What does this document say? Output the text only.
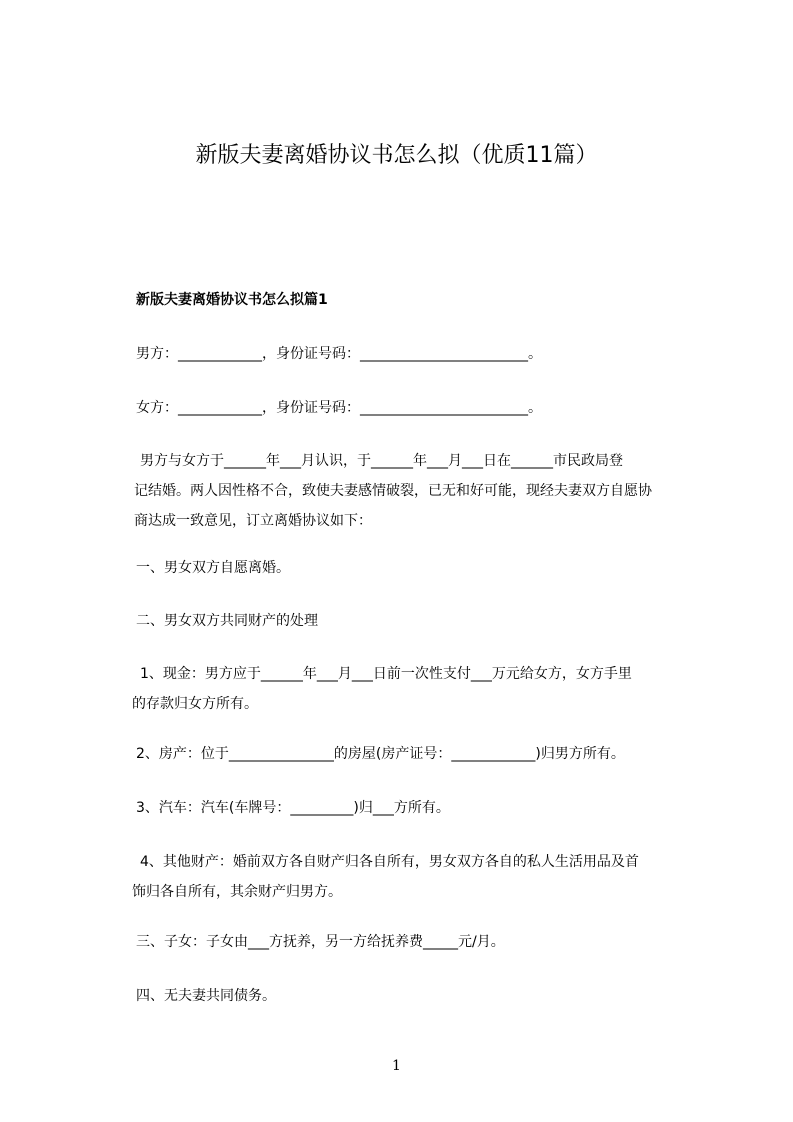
新版夫妻离婚协议书怎么拟（优质11篇）
新版夫妻离婚协议书怎么拟篇1
男方：____________，身份证号码：________________________。
女方：____________，身份证号码：________________________。
男方与女方于______年___月认识，于______年___月___日在______市民政局登
记结婚。两人因性格不合，致使夫妻感情破裂，已无和好可能，现经夫妻双方自愿协
商达成一致意见，订立离婚协议如下：
一、男女双方自愿离婚。
二、男女双方共同财产的处理
1、现金：男方应于______年___月___日前一次性支付___万元给女方，女方手里
的存款归女方所有。
2、房产：位于_______________的房屋(房产证号：____________)归男方所有。
3、汽车：汽车(车牌号：_________)归___方所有。
4、其他财产：婚前双方各自财产归各自所有，男女双方各自的私人生活用品及首
饰归各自所有，其余财产归男方。
三、子女：子女由___方抚养，另一方给抚养费_____元/月。
四、无夫妻共同债务。
1
